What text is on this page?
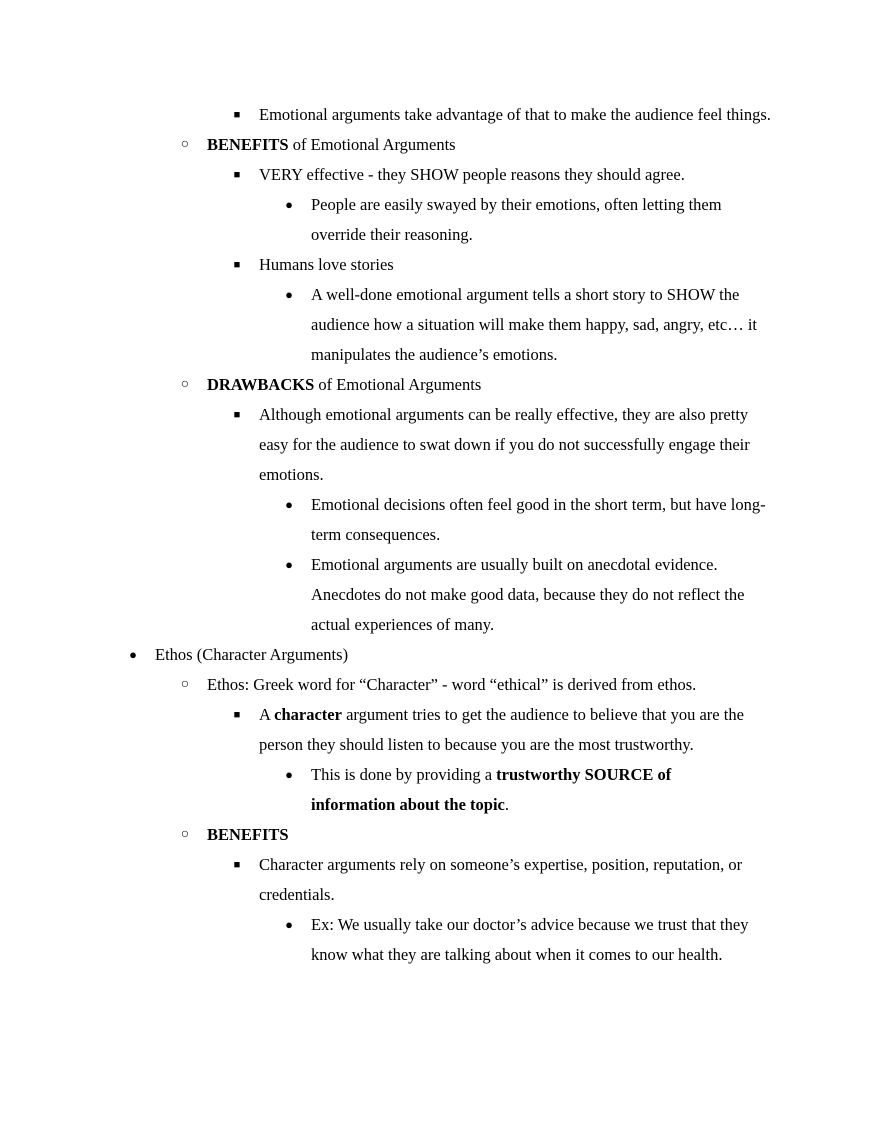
■	Emotional arguments take advantage of that to make the audience feel things.
○	BENEFITS of Emotional Arguments
■	VERY effective - they SHOW people reasons they should agree.
●	People are easily swayed by their emotions, often letting them override their reasoning.
■	Humans love stories
●	A well-done emotional argument tells a short story to SHOW the audience how a situation will make them happy, sad, angry, etc… it manipulates the audience’s emotions.
○	DRAWBACKS of Emotional Arguments
■	Although emotional arguments can be really effective, they are also pretty easy for the audience to swat down if you do not successfully engage their emotions.
●	Emotional decisions often feel good in the short term, but have long-term consequences.
●	Emotional arguments are usually built on anecdotal evidence. Anecdotes do not make good data, because they do not reflect the actual experiences of many.
●	Ethos (Character Arguments)
○	Ethos: Greek word for “Character” - word “ethical” is derived from ethos.
■	A character argument tries to get the audience to believe that you are the person they should listen to because you are the most trustworthy.
●	This is done by providing a trustworthy SOURCE of information about the topic.
○	BENEFITS
■	Character arguments rely on someone’s expertise, position, reputation, or credentials.
●	Ex: We usually take our doctor’s advice because we trust that they know what they are talking about when it comes to our health.
